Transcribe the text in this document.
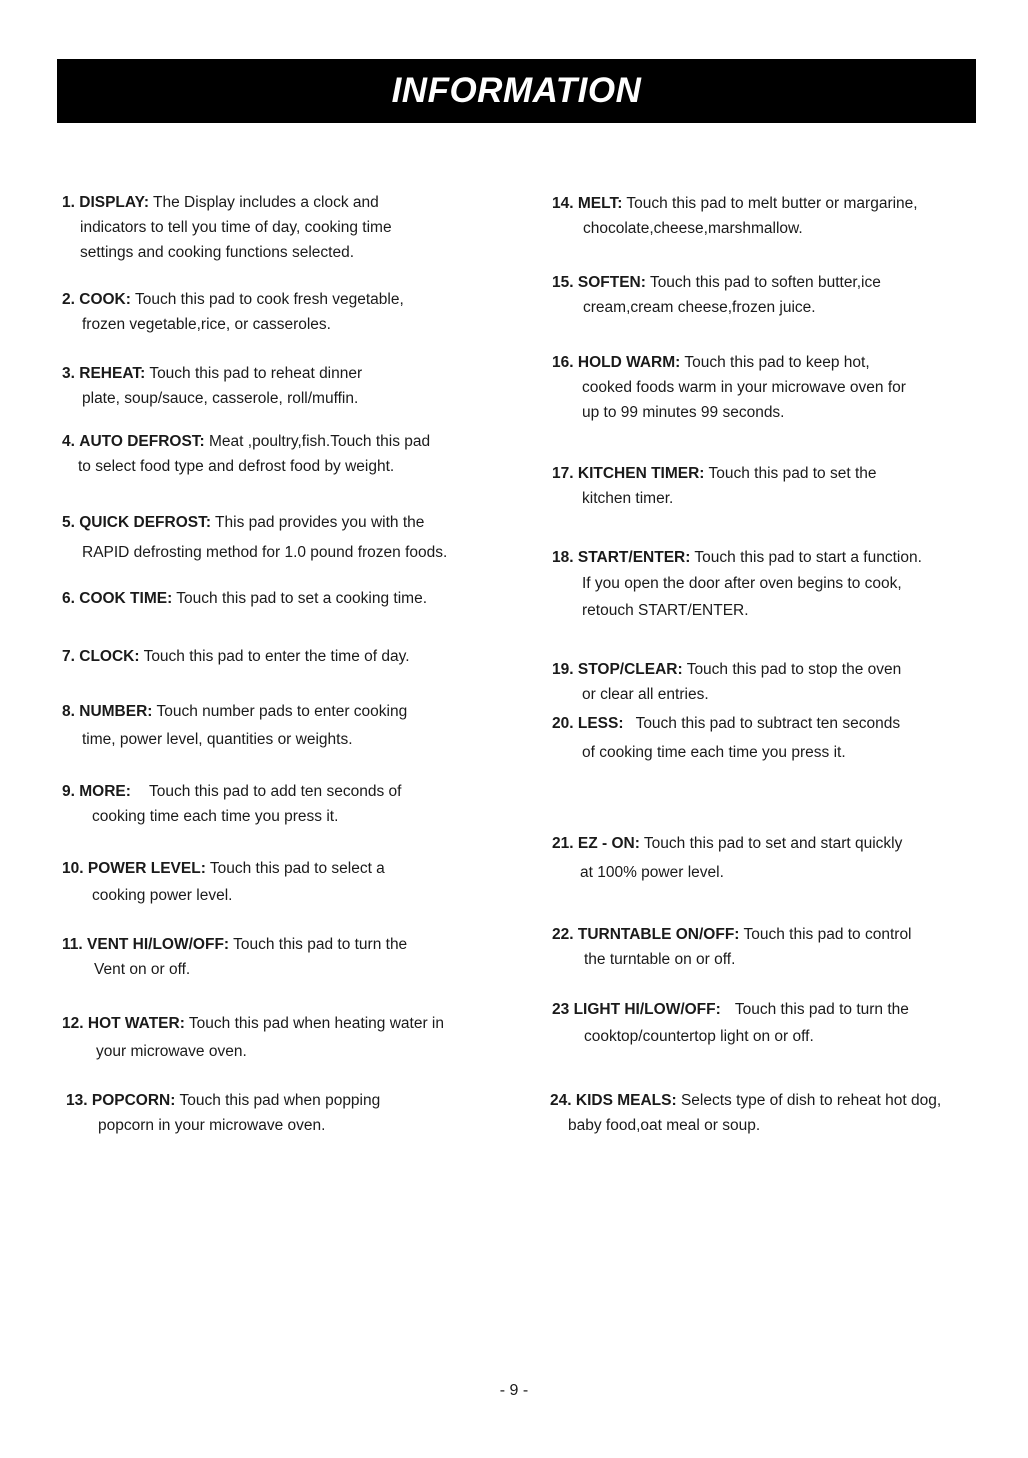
INFORMATION
1. DISPLAY: The Display includes a clock and
indicators to tell you time of day, cooking time
settings and cooking functions selected.
2. COOK: Touch this pad to cook fresh vegetable,
frozen vegetable,rice, or casseroles.
3. REHEAT: Touch this pad to reheat dinner
plate, soup/sauce, casserole, roll/muffin.
4. AUTO DEFROST: Meat ,poultry,fish.Touch this pad
to select food type and defrost food by weight.
5. QUICK DEFROST: This pad provides you with the
RAPID defrosting method for 1.0 pound frozen foods.
6. COOK TIME: Touch this pad to set a cooking time.
7. CLOCK: Touch this pad to enter the time of day.
8. NUMBER: Touch number pads to enter cooking
time, power level, quantities or weights.
9. MORE: Touch this pad to add ten seconds of
cooking time each time you press it.
10. POWER LEVEL: Touch this pad to select a
cooking power level.
11. VENT HI/LOW/OFF: Touch this pad to turn the
Vent on or off.
12. HOT WATER: Touch this pad when heating water in
your microwave oven.
13. POPCORN: Touch this pad when popping
popcorn in your microwave oven.
14. MELT: Touch this pad to melt butter or margarine,
chocolate,cheese,marshmallow.
15. SOFTEN: Touch this pad to soften butter,ice
cream,cream cheese,frozen juice.
16. HOLD WARM: Touch this pad to keep hot,
cooked foods warm in your microwave oven for
up to 99 minutes 99 seconds.
17. KITCHEN TIMER: Touch this pad to set the
kitchen timer.
18. START/ENTER: Touch this pad to start a function.
If you open the door after oven begins to cook,
retouch START/ENTER.
19. STOP/CLEAR: Touch this pad to stop the oven
or clear all entries.
20. LESS: Touch this pad to subtract ten seconds
of cooking time each time you press it.
21. EZ - ON: Touch this pad to set and start quickly
at 100% power level.
22. TURNTABLE ON/OFF: Touch this pad to control
the turntable on or off.
23 LIGHT HI/LOW/OFF: Touch this pad to turn the
cooktop/countertop light on or off.
24. KIDS MEALS: Selects type of dish to reheat hot dog,
baby food,oat meal or soup.
- 9 -
